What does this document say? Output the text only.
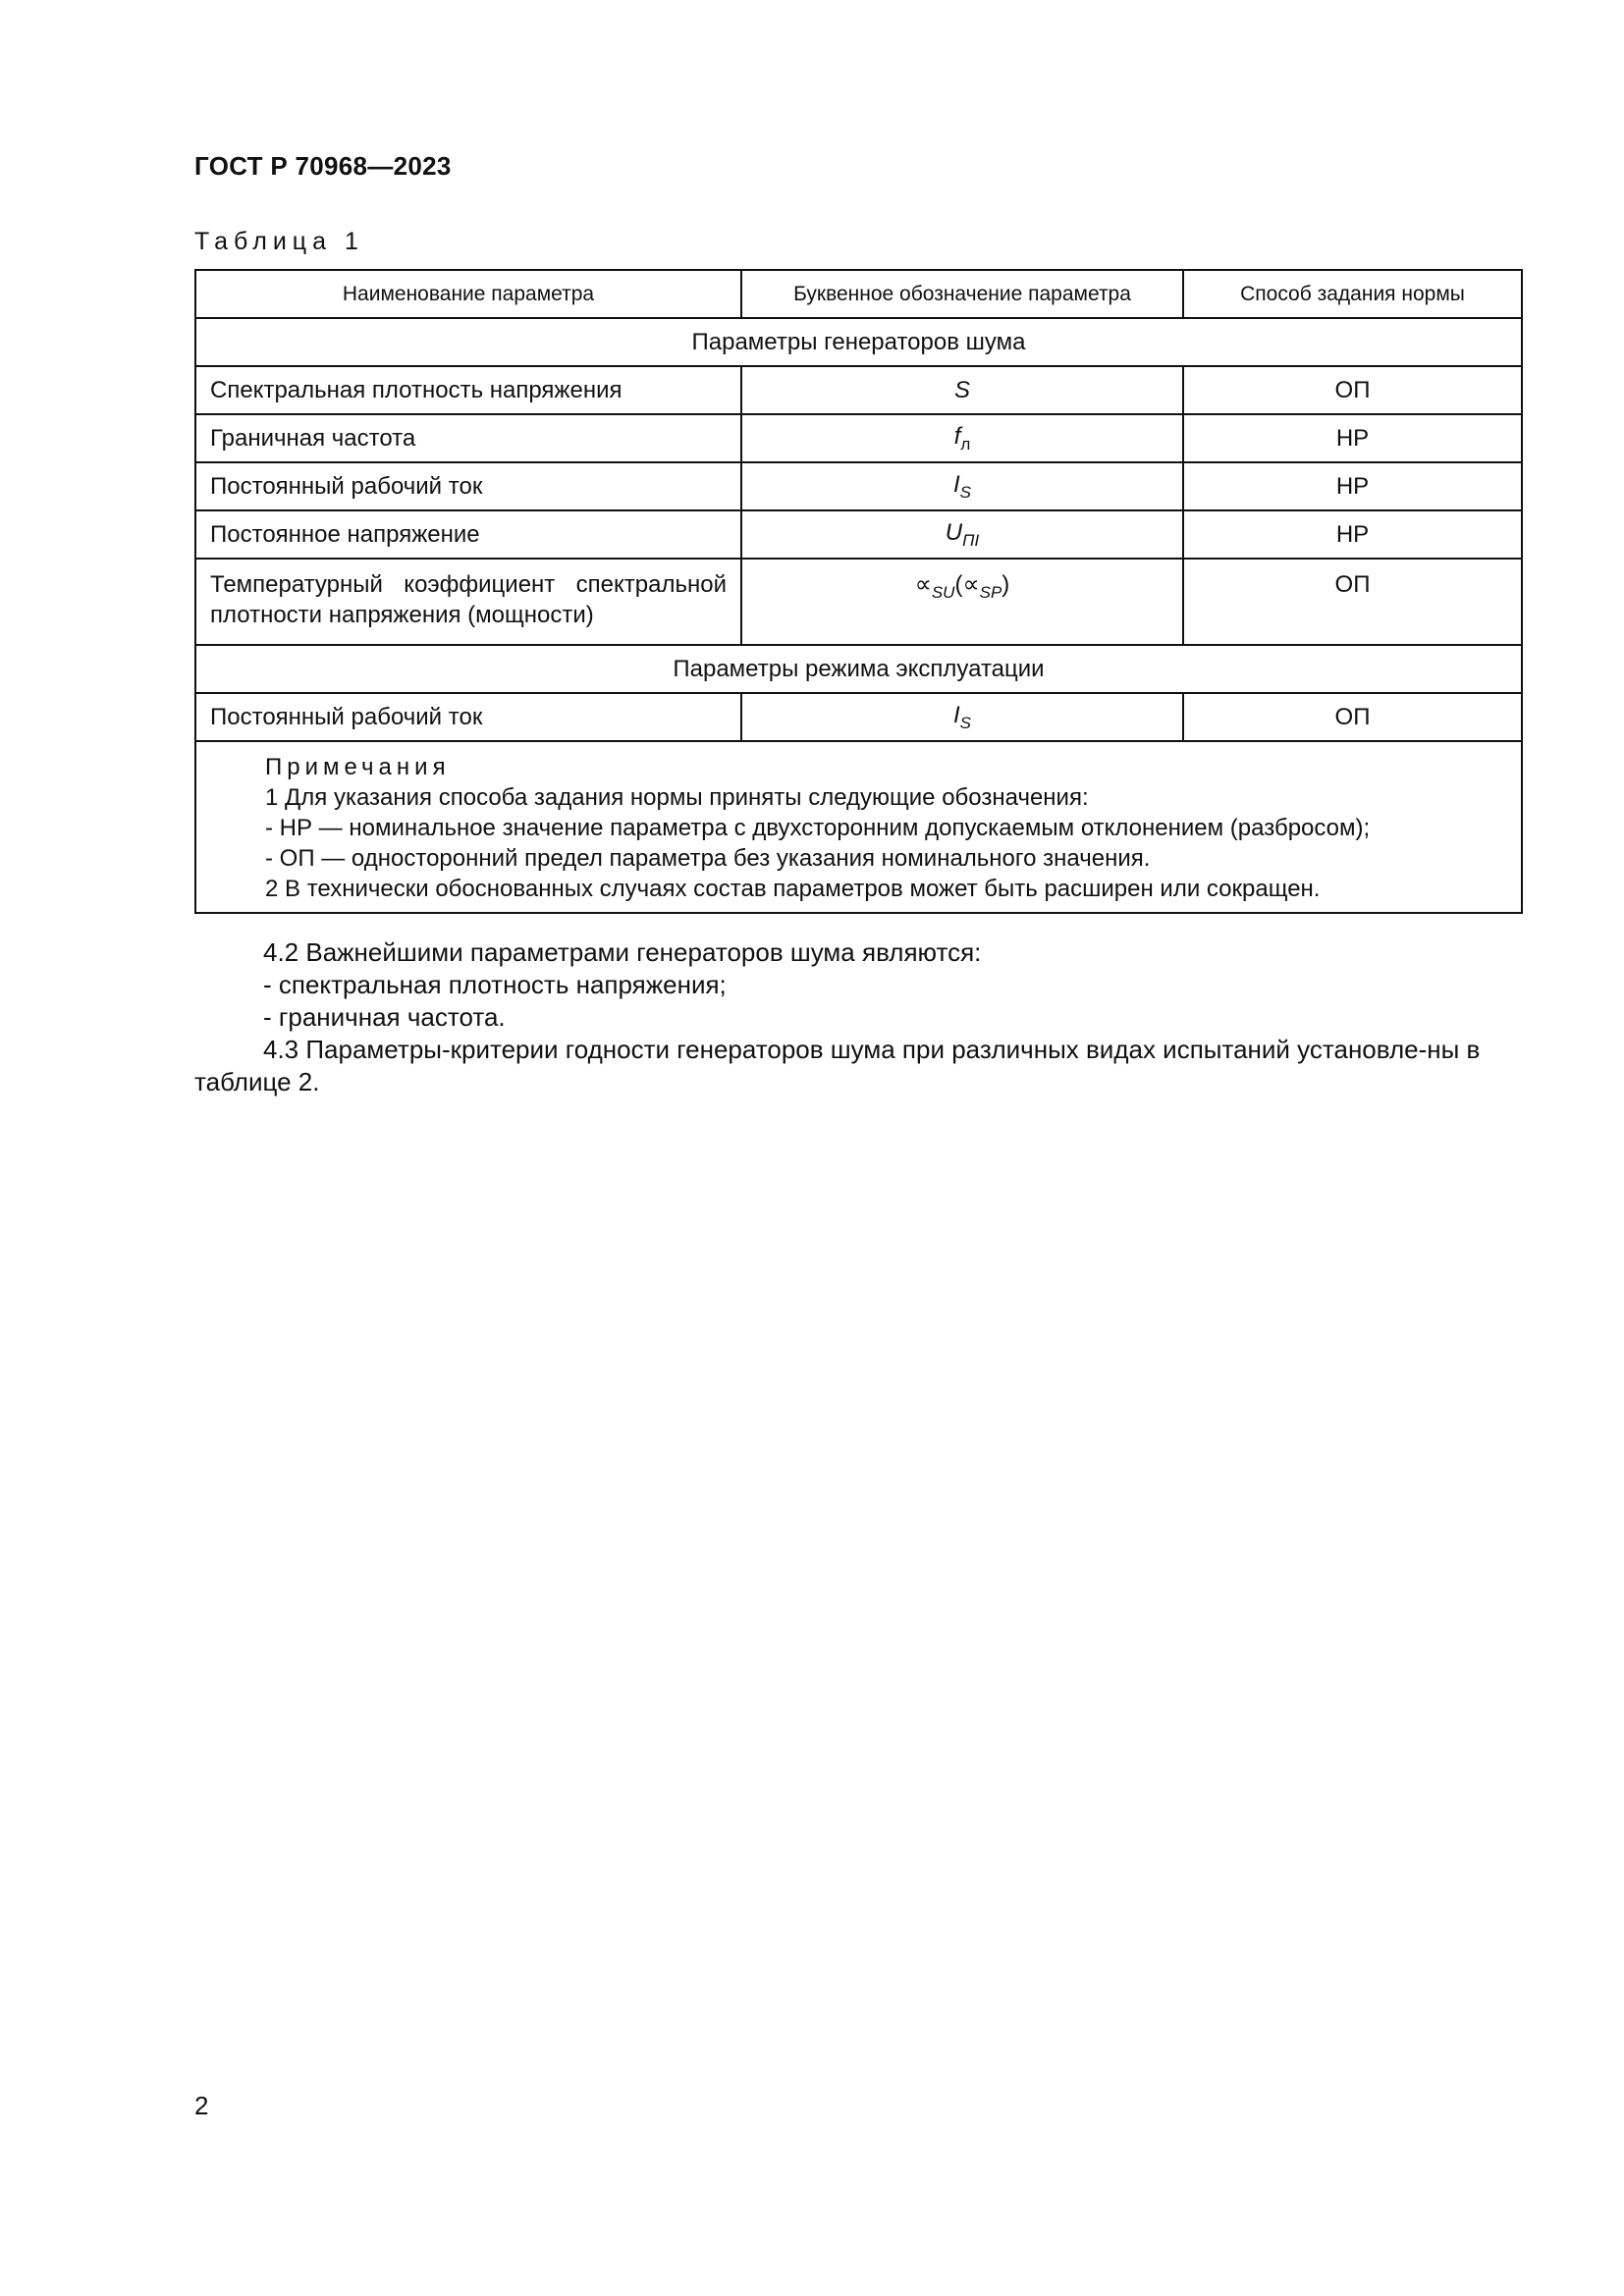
ГОСТ Р 70968—2023
Таблица 1
Наименование параметра	Буквенное обозначение параметра	Способ задания нормы
Параметры генераторов шума		
Спектральная плотность напряжения	S	ОП
Граничная частота	$f_л$	НР
Постоянный рабочий ток	$I_S$	НР
Постоянное напряжение	$U_{ПI}$	НР
Температурный коэффициент спектральной плотности напряжения (мощности)	$\propto_{SU}(\propto_{SP})$	ОП
Параметры режима эксплуатации		
Постоянный рабочий ток	$I_S$	ОП

Примечания
1 Для указания способа задания нормы приняты следующие обозначения:
- НР — номинальное значение параметра с двухсторонним допускаемым отклонением (разбросом);
- ОП — односторонний предел параметра без указания номинального значения.
2 В технически обоснованных случаях состав параметров может быть расширен или сокращен.		

4.2 Важнейшими параметрами генераторов шума являются:

- спектральная плотность напряжения;

- граничная частота.

4.3 Параметры-критерии годности генераторов шума при различных видах испытаний установле-ны в таблице 2.

2
